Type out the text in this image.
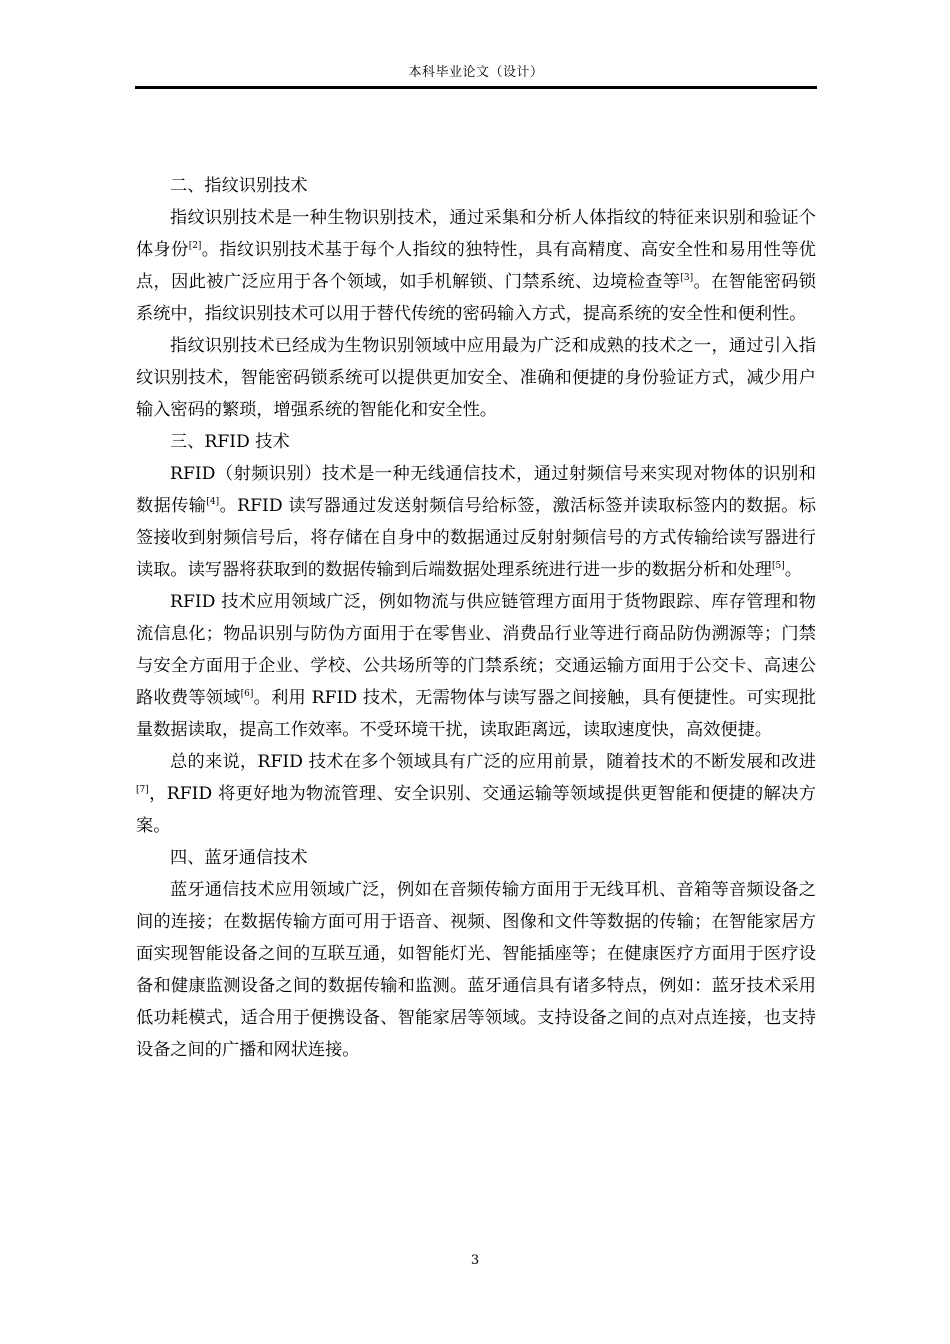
本科毕业论文（设计）

二、指纹识别技术

指纹识别技术是一种生物识别技术，通过采集和分析人体指纹的特征来识别和验证个体身份[2]。指纹识别技术基于每个人指纹的独特性，具有高精度、高安全性和易用性等优点，因此被广泛应用于各个领域，如手机解锁、门禁系统、边境检查等[3]。在智能密码锁系统中，指纹识别技术可以用于替代传统的密码输入方式，提高系统的安全性和便利性。

指纹识别技术已经成为生物识别领域中应用最为广泛和成熟的技术之一，通过引入指纹识别技术，智能密码锁系统可以提供更加安全、准确和便捷的身份验证方式，减少用户输入密码的繁琐，增强系统的智能化和安全性。

三、RFID 技术

RFID（射频识别）技术是一种无线通信技术，通过射频信号来实现对物体的识别和数据传输[4]。RFID 读写器通过发送射频信号给标签，激活标签并读取标签内的数据。标签接收到射频信号后，将存储在自身中的数据通过反射射频信号的方式传输给读写器进行读取。读写器将获取到的数据传输到后端数据处理系统进行进一步的数据分析和处理[5]。

RFID 技术应用领域广泛，例如物流与供应链管理方面用于货物跟踪、库存管理和物流信息化；物品识别与防伪方面用于在零售业、消费品行业等进行商品防伪溯源等；门禁与安全方面用于企业、学校、公共场所等的门禁系统；交通运输方面用于公交卡、高速公路收费等领域[6]。利用 RFID 技术，无需物体与读写器之间接触，具有便捷性。可实现批量数据读取，提高工作效率。不受环境干扰，读取距离远，读取速度快，高效便捷。

总的来说，RFID 技术在多个领域具有广泛的应用前景，随着技术的不断发展和改进[7]，RFID 将更好地为物流管理、安全识别、交通运输等领域提供更智能和便捷的解决方案。

四、蓝牙通信技术

蓝牙通信技术应用领域广泛，例如在音频传输方面用于无线耳机、音箱等音频设备之间的连接；在数据传输方面可用于语音、视频、图像和文件等数据的传输；在智能家居方面实现智能设备之间的互联互通，如智能灯光、智能插座等；在健康医疗方面用于医疗设备和健康监测设备之间的数据传输和监测。蓝牙通信具有诸多特点，例如：蓝牙技术采用低功耗模式，适合用于便携设备、智能家居等领域。支持设备之间的点对点连接，也支持设备之间的广播和网状连接。

3
